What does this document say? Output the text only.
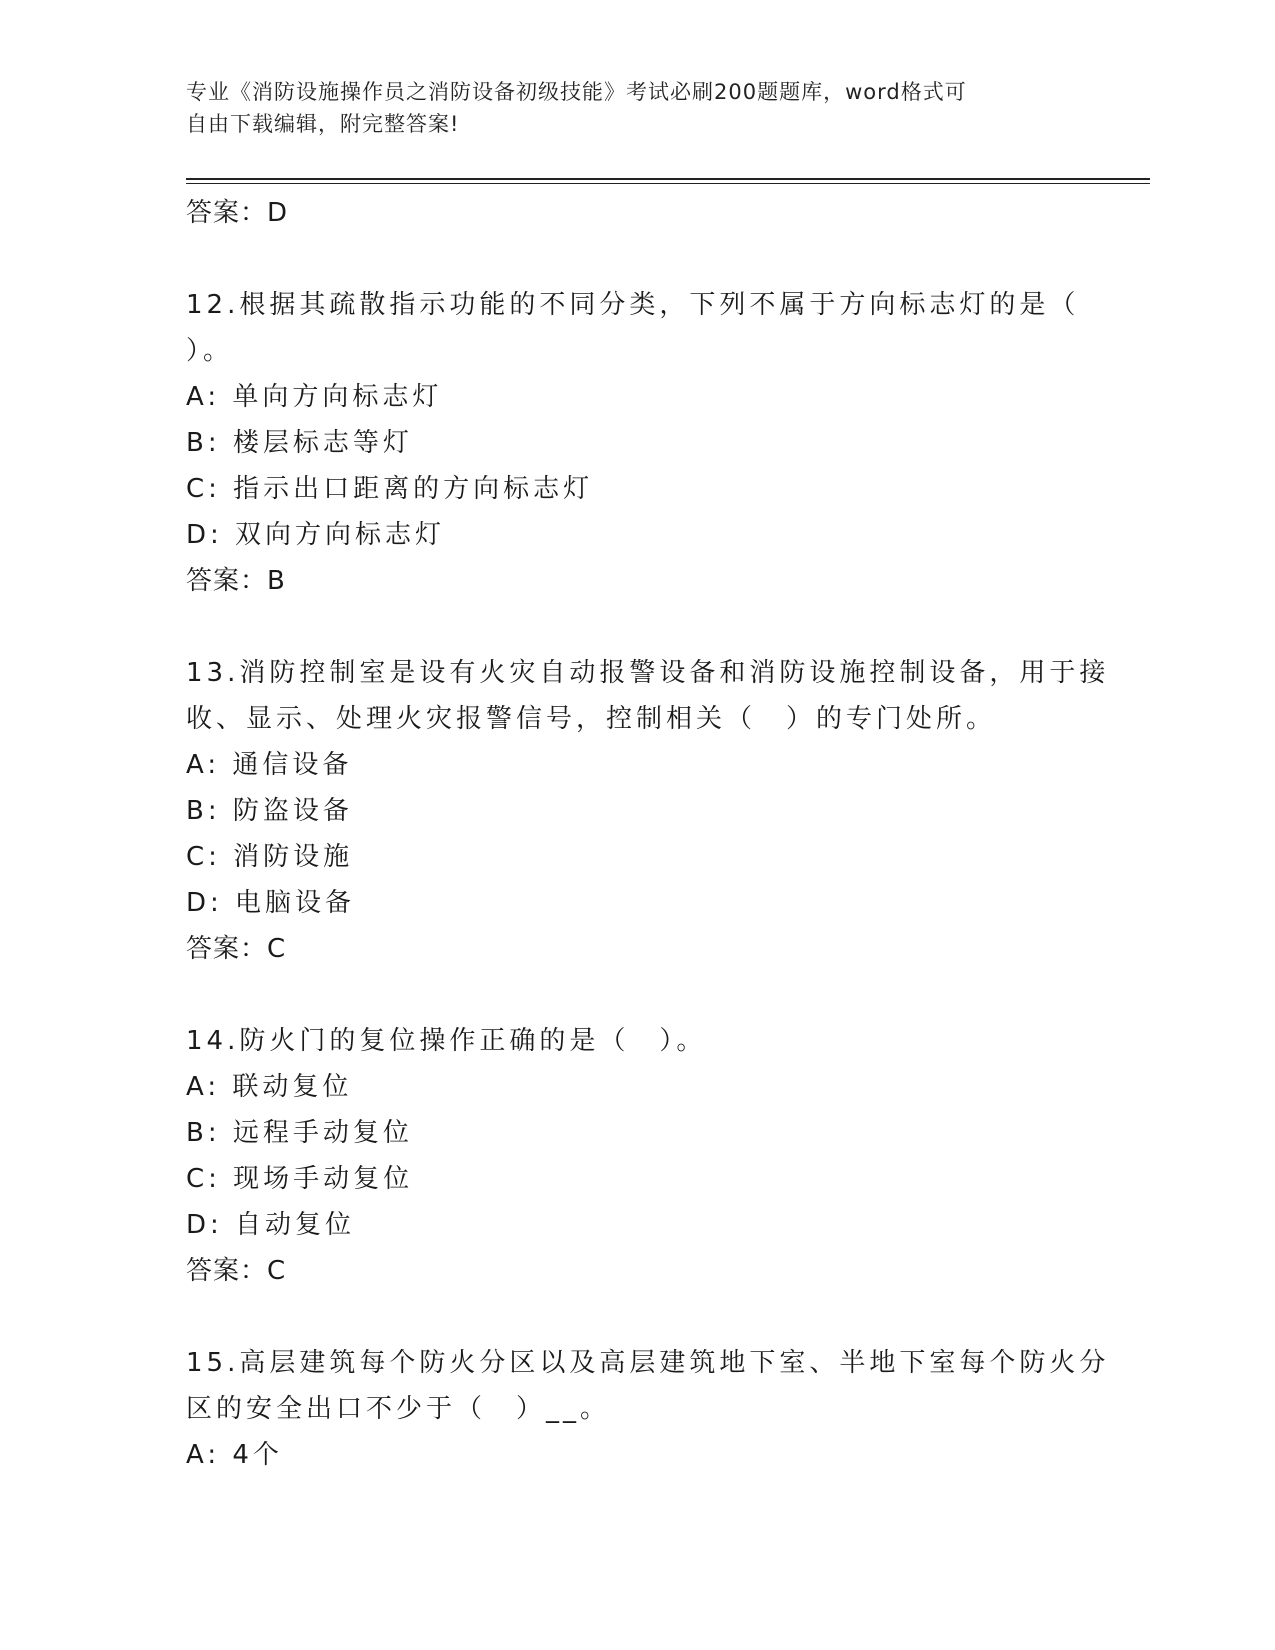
专业《消防设施操作员之消防设备初级技能》考试必刷200题题库，word格式可
自由下载编辑，附完整答案!
答案：D
12.根据其疏散指示功能的不同分类，下列不属于方向标志灯的是（
）。
A: 单向方向标志灯
B: 楼层标志等灯
C: 指示出口距离的方向标志灯
D: 双向方向标志灯
答案：B
13.消防控制室是设有火灾自动报警设备和消防设施控制设备，用于接
收、显示、处理火灾报警信号，控制相关（　）的专门处所。
A: 通信设备
B: 防盗设备
C: 消防设施
D: 电脑设备
答案：C
14.防火门的复位操作正确的是（　）。
A: 联动复位
B: 远程手动复位
C: 现场手动复位
D: 自动复位
答案：C
15.高层建筑每个防火分区以及高层建筑地下室、半地下室每个防火分
区的安全出口不少于（　）__。
A: 4个
